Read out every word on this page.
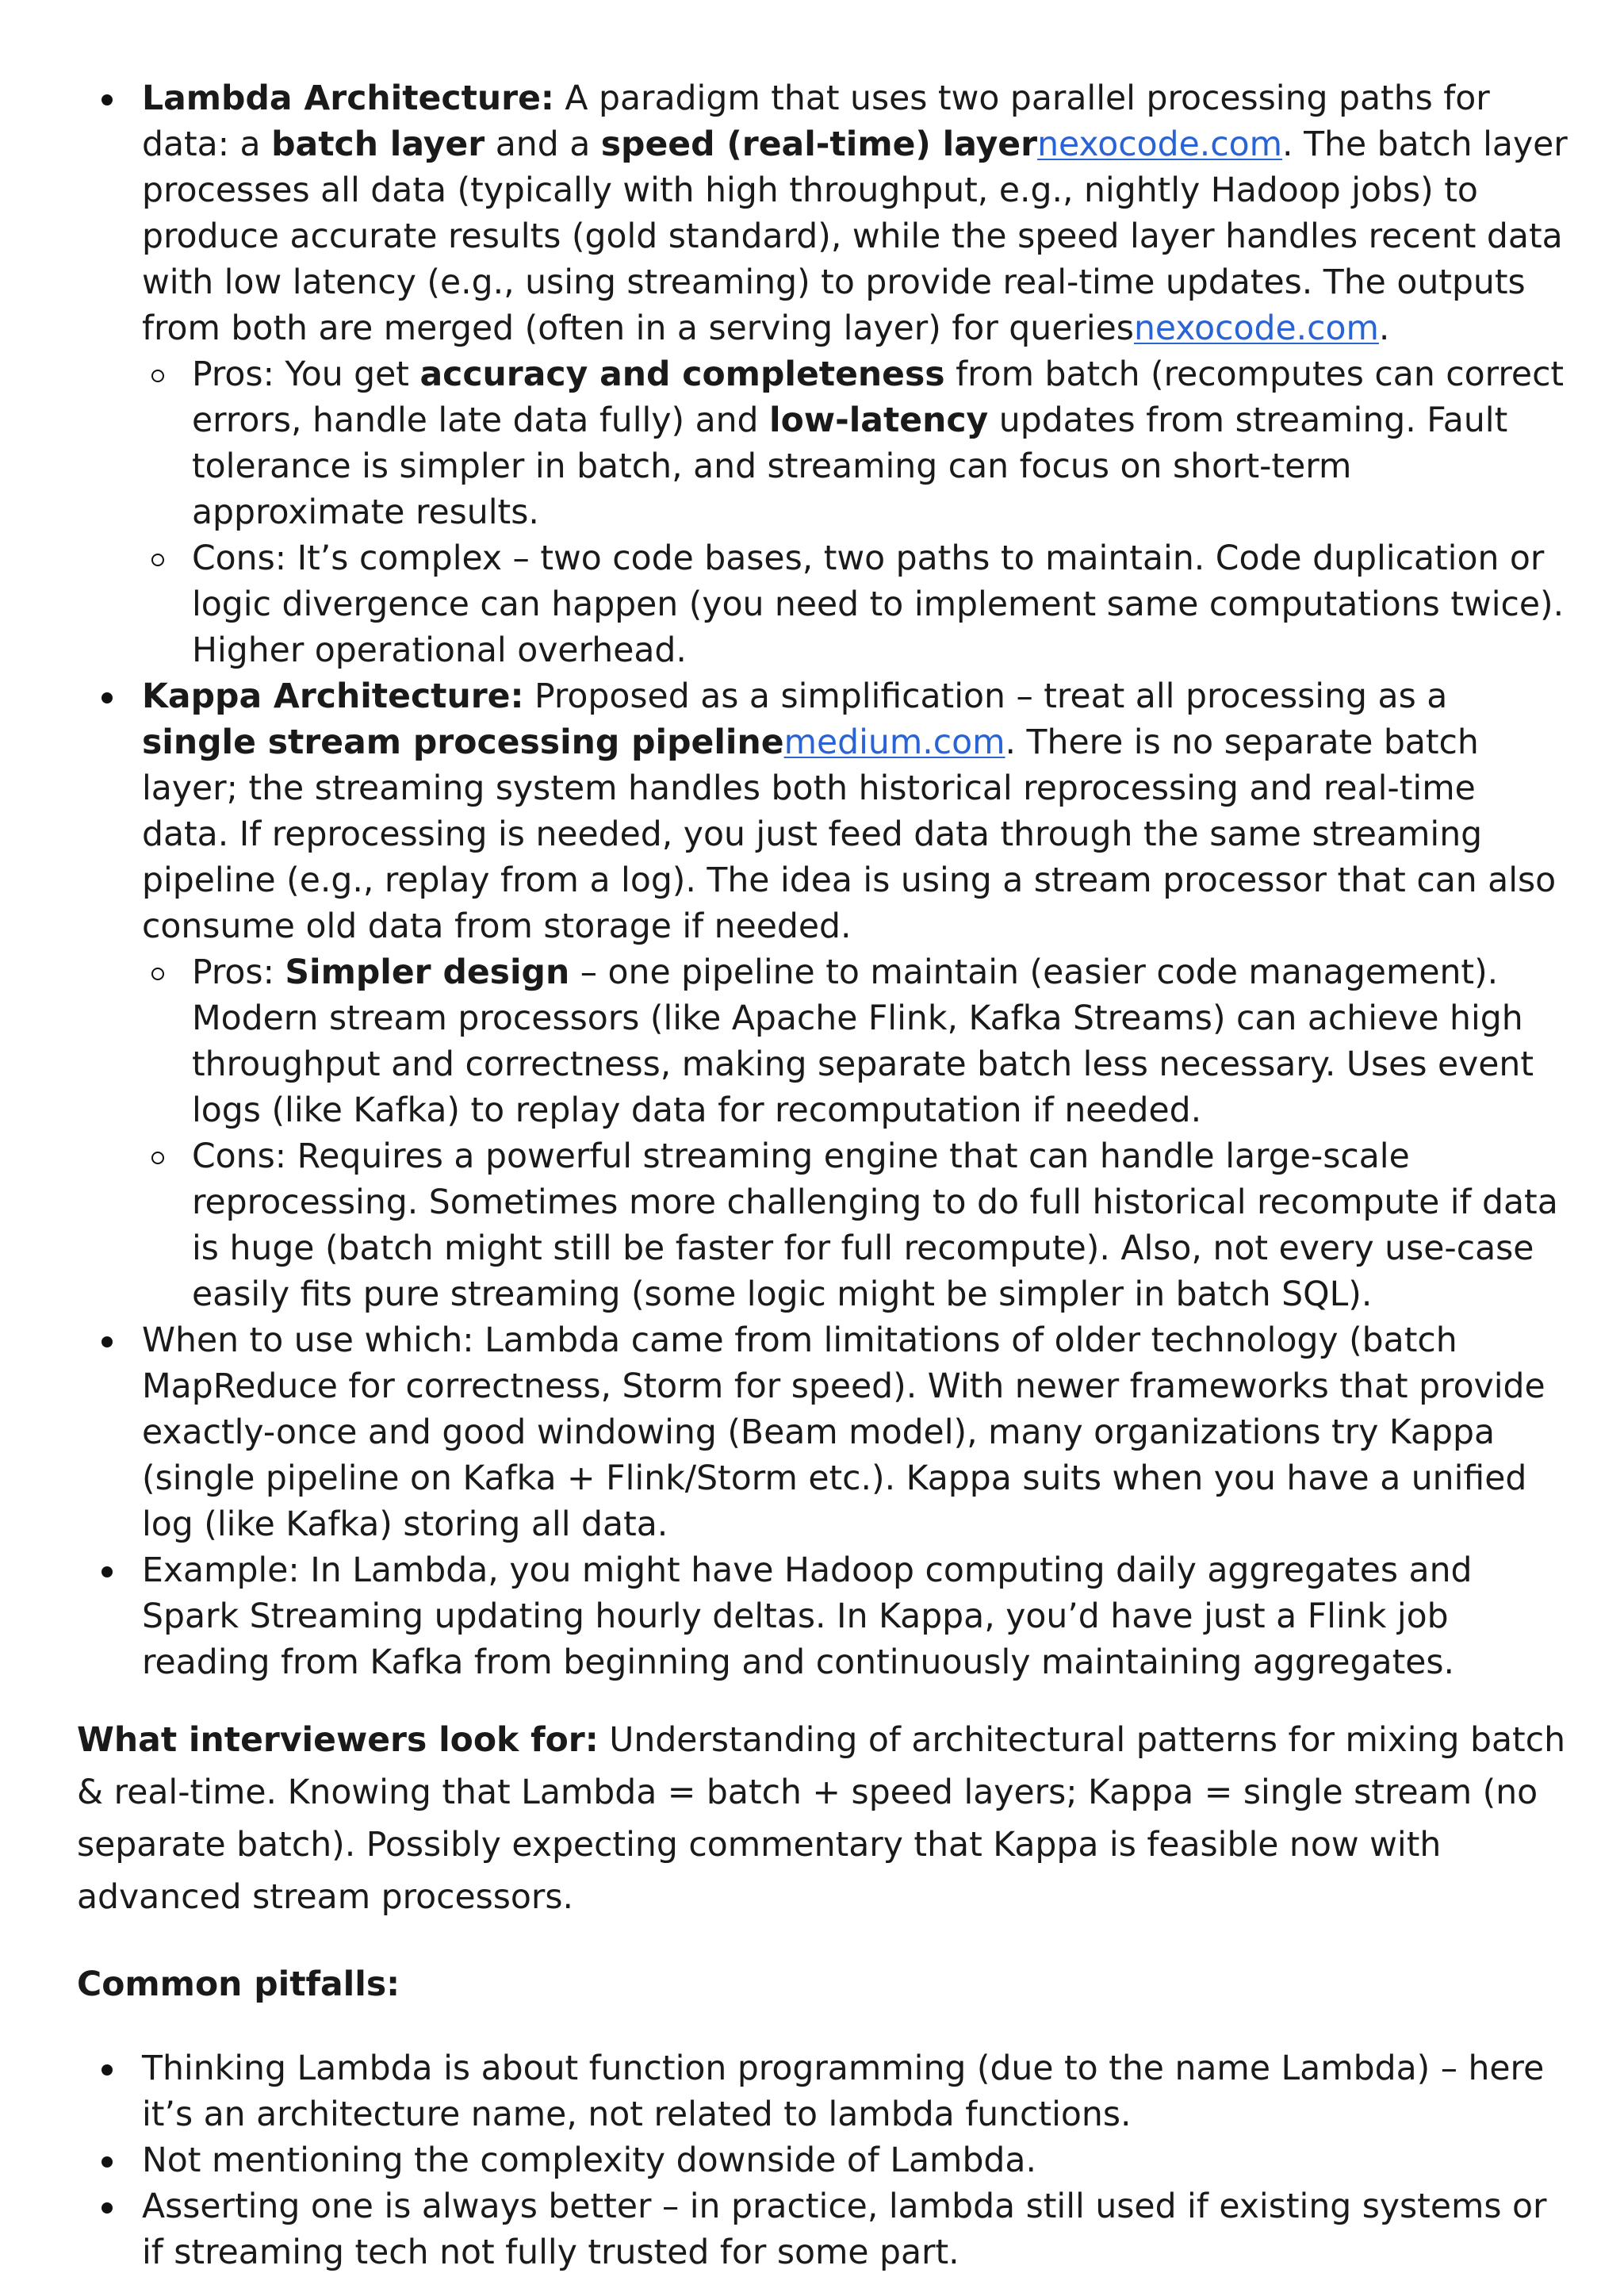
Lambda Architecture: A paradigm that uses two parallel processing paths for data: a batch layer and a speed (real-time) layernexocode.com. The batch layer processes all data (typically with high throughput, e.g., nightly Hadoop jobs) to produce accurate results (gold standard), while the speed layer handles recent data with low latency (e.g., using streaming) to provide real-time updates. The outputs from both are merged (often in a serving layer) for queriesnexocode.com.
Pros: You get accuracy and completeness from batch (recomputes can correct errors, handle late data fully) and low-latency updates from streaming. Fault tolerance is simpler in batch, and streaming can focus on short-term approximate results.
Cons: It’s complex – two code bases, two paths to maintain. Code duplication or logic divergence can happen (you need to implement same computations twice). Higher operational overhead.
Kappa Architecture: Proposed as a simplification – treat all processing as a single stream processing pipelinemedium.com. There is no separate batch layer; the streaming system handles both historical reprocessing and real-time data. If reprocessing is needed, you just feed data through the same streaming pipeline (e.g., replay from a log). The idea is using a stream processor that can also consume old data from storage if needed.
Pros: Simpler design – one pipeline to maintain (easier code management). Modern stream processors (like Apache Flink, Kafka Streams) can achieve high throughput and correctness, making separate batch less necessary. Uses event logs (like Kafka) to replay data for recomputation if needed.
Cons: Requires a powerful streaming engine that can handle large-scale reprocessing. Sometimes more challenging to do full historical recompute if data is huge (batch might still be faster for full recompute). Also, not every use-case easily fits pure streaming (some logic might be simpler in batch SQL).
When to use which: Lambda came from limitations of older technology (batch MapReduce for correctness, Storm for speed). With newer frameworks that provide exactly-once and good windowing (Beam model), many organizations try Kappa (single pipeline on Kafka + Flink/Storm etc.). Kappa suits when you have a unified log (like Kafka) storing all data.
Example: In Lambda, you might have Hadoop computing daily aggregates and Spark Streaming updating hourly deltas. In Kappa, you’d have just a Flink job reading from Kafka from beginning and continuously maintaining aggregates.

What interviewers look for: Understanding of architectural patterns for mixing batch & real-time. Knowing that Lambda = batch + speed layers; Kappa = single stream (no separate batch). Possibly expecting commentary that Kappa is feasible now with advanced stream processors.

Common pitfalls:

Thinking Lambda is about function programming (due to the name Lambda) – here it’s an architecture name, not related to lambda functions.
Not mentioning the complexity downside of Lambda.
Asserting one is always better – in practice, lambda still used if existing systems or if streaming tech not fully trusted for some part.
